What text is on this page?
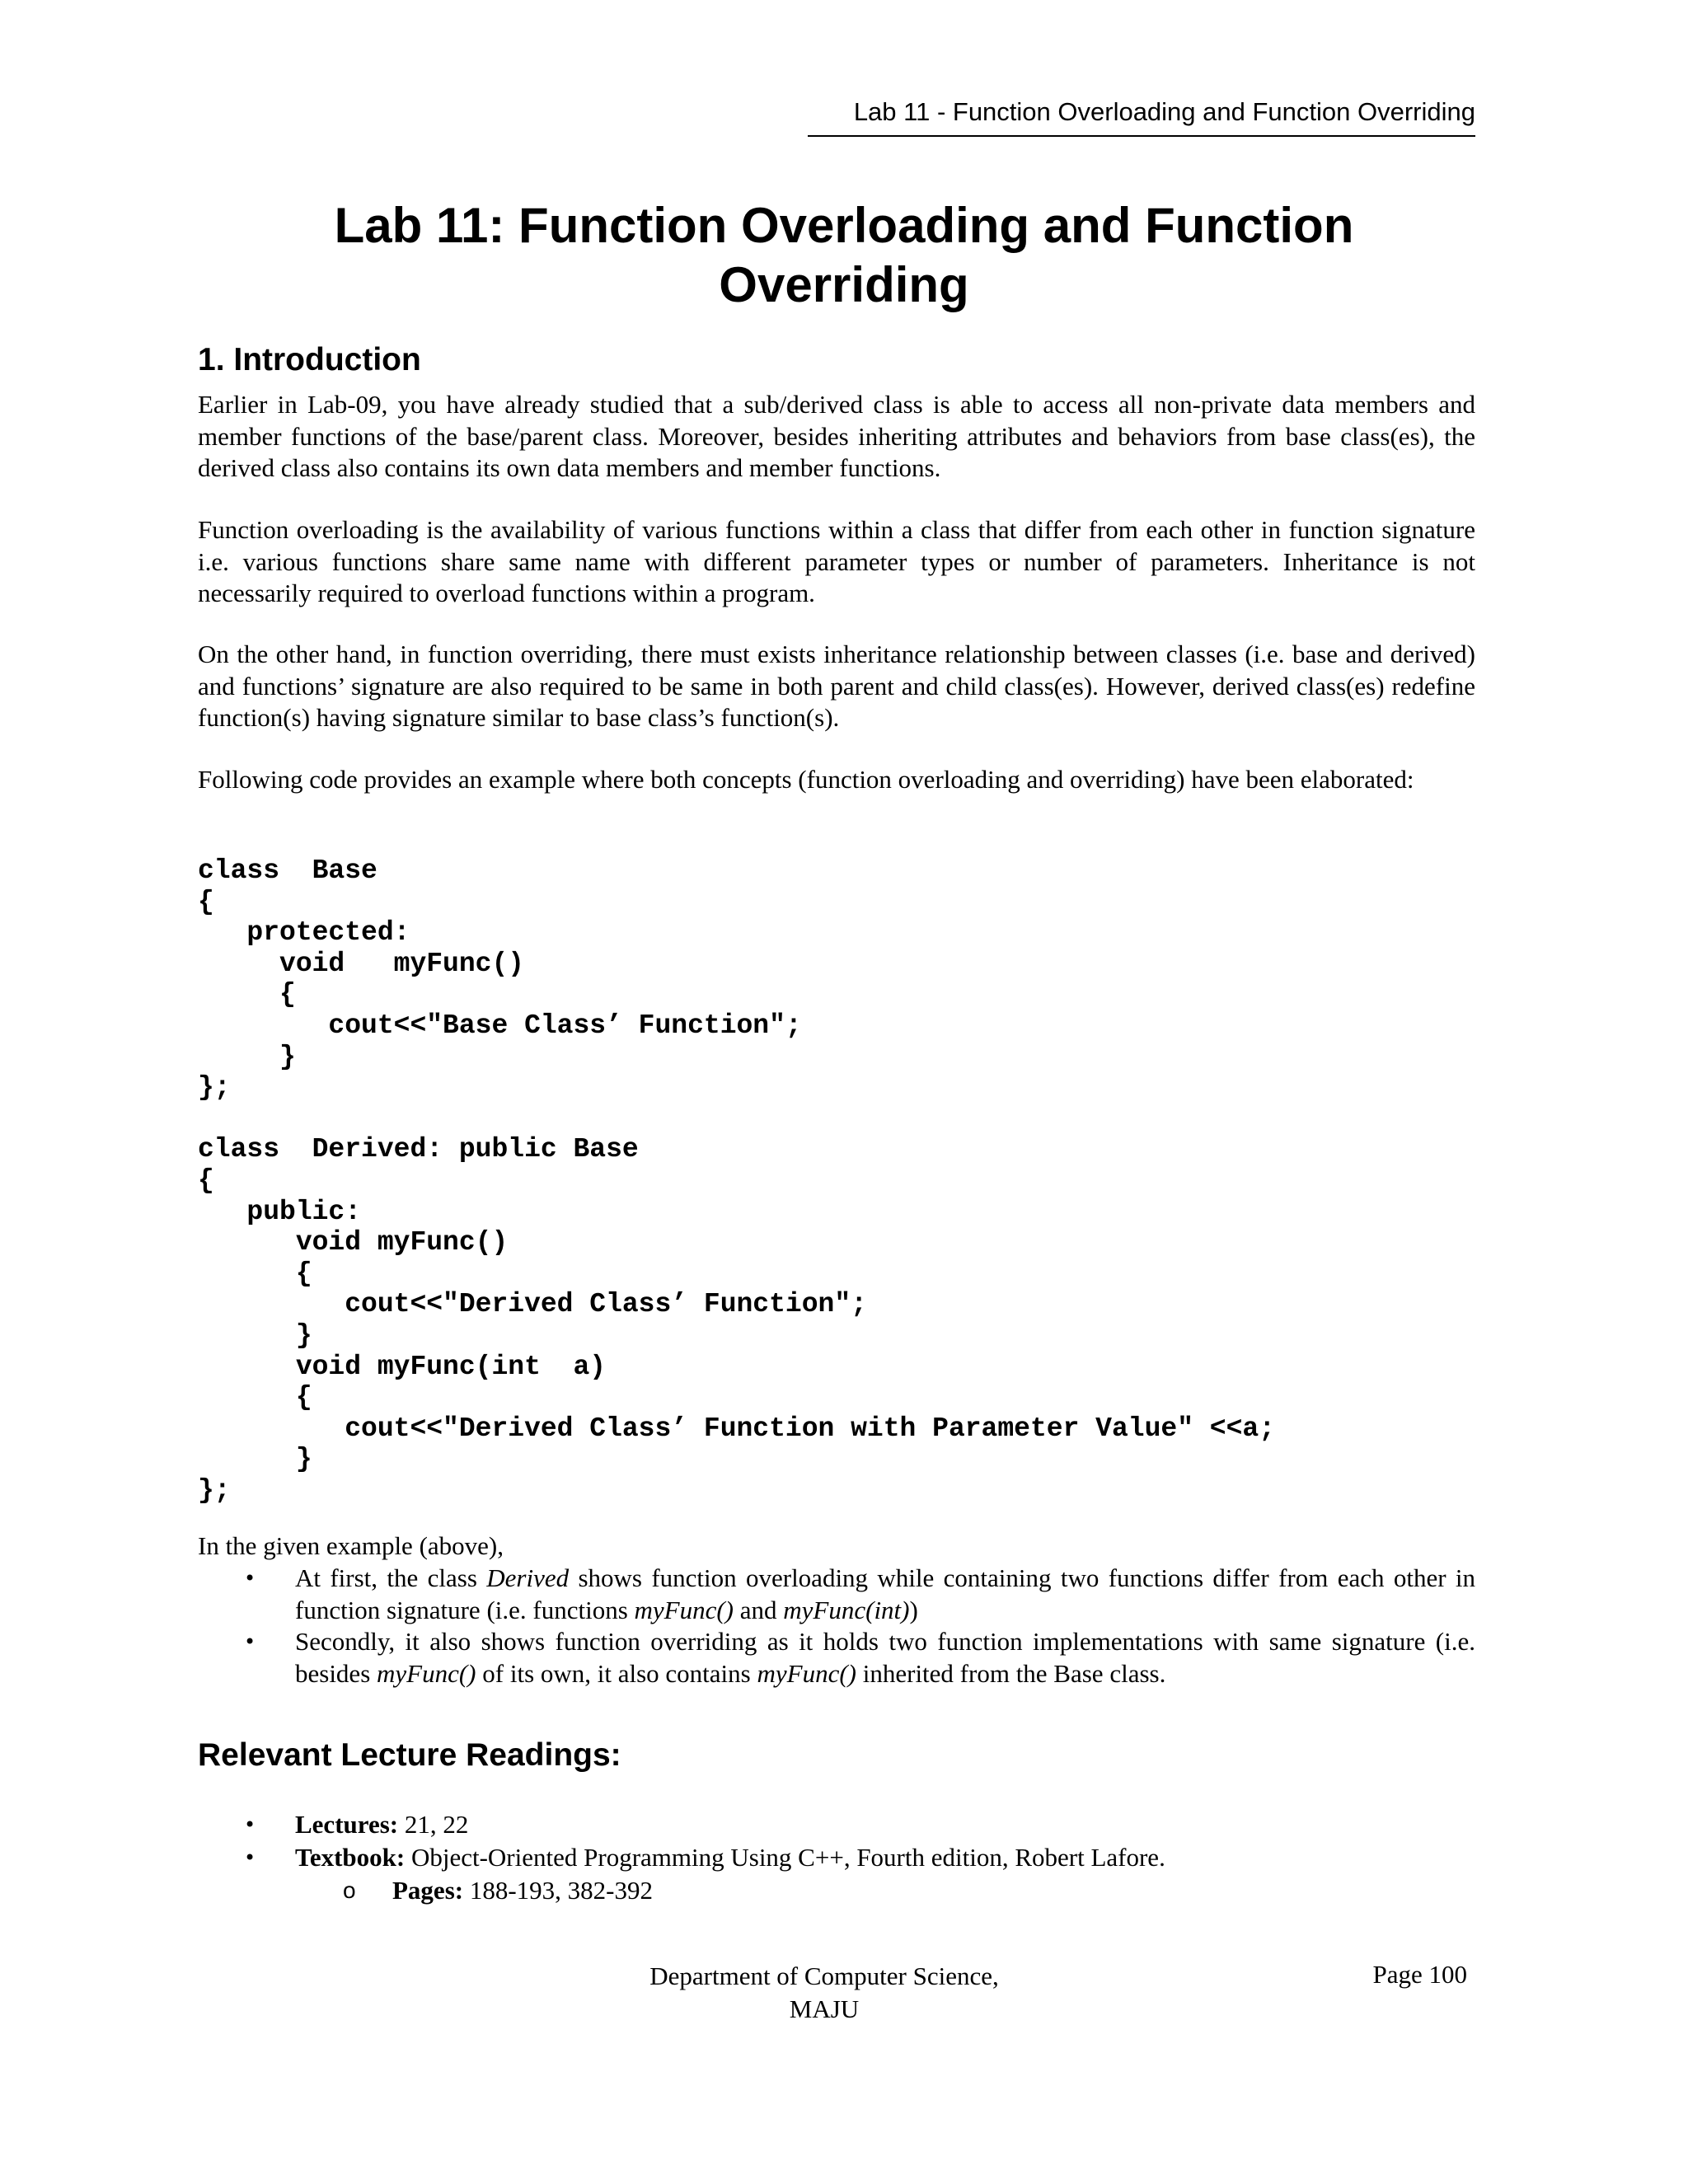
Lab 11 - Function Overloading and Function Overriding
Lab 11: Function Overloading and Function
Overriding
1. Introduction
Earlier in Lab-09, you have already studied that a sub/derived class is able to access all non-private data members and member functions of the base/parent class. Moreover, besides inheriting attributes and behaviors from base class(es), the derived class also contains its own data members and member functions.
Function overloading is the availability of various functions within a class that differ from each other in function signature i.e. various functions share same name with different parameter types or number of parameters. Inheritance is not necessarily required to overload functions within a program.
On the other hand, in function overriding, there must exists inheritance relationship between classes (i.e. base and derived) and functions’ signature are also required to be same in both parent and child class(es). However, derived class(es) redefine function(s) having signature similar to base class’s function(s).
Following code provides an example where both concepts (function overloading and overriding) have been elaborated:
class  Base
{
protected:
void   myFunc()
{
cout<<"Base Class’ Function";
}
};

class  Derived: public Base
{
public:
void myFunc()
{
cout<<"Derived Class’ Function";
}
void myFunc(int  a)
{
cout<<"Derived Class’ Function with Parameter Value" <<a;
}
};
In the given example (above),
• At first, the class Derived shows function overloading while containing two functions differ from each other in function signature (i.e. functions myFunc() and myFunc(int))
• Secondly, it also shows function overriding as it holds two function implementations with same signature (i.e. besides myFunc() of its own, it also contains myFunc() inherited from the Base class.
Relevant Lecture Readings:
• Lectures: 21, 22
• Textbook: Object-Oriented Programming Using C++, Fourth edition, Robert Lafore.
o Pages: 188-193, 382-392
Department of Computer Science,
MAJU
Page 100
